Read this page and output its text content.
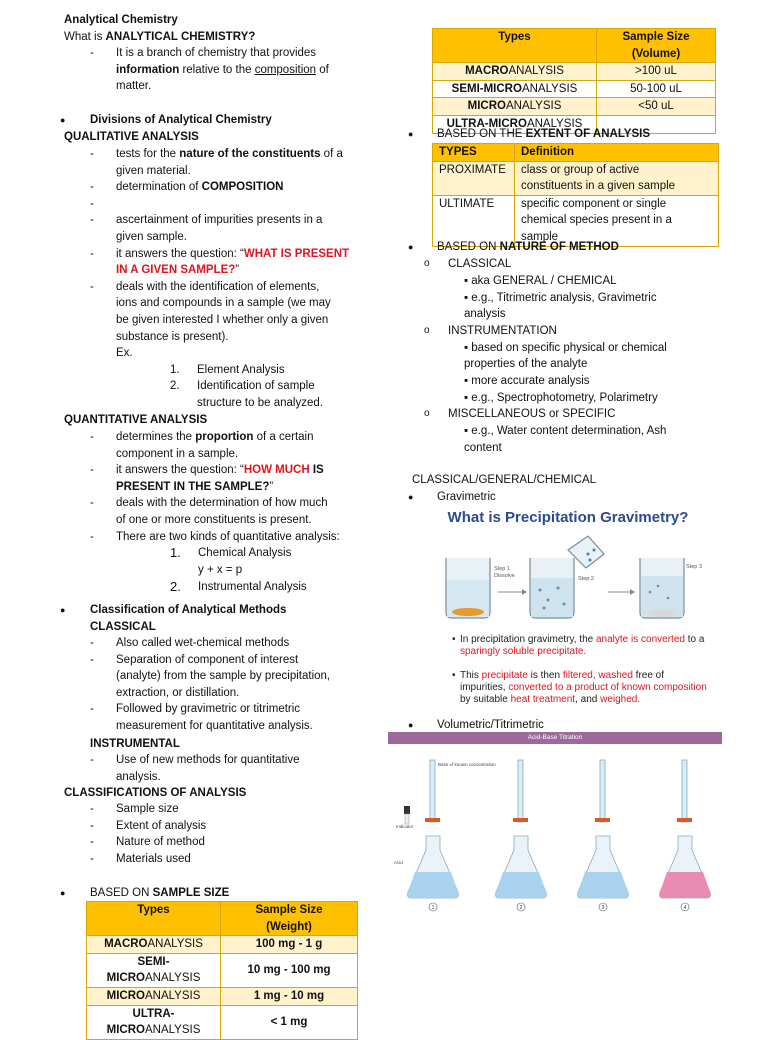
Analytical Chemistry
What is ANALYTICAL CHEMISTRY?
-	It is a branch of chemistry that provides
information relative to the composition of
matter.
● Divisions of Analytical Chemistry
QUALITATIVE ANALYSIS
-	tests for the nature of the constituents of a
given material.
-	determination of COMPOSITION
-

-	ascertainment of impurities presents in a
given sample.
-	it answers the question: “WHAT IS PRESENT
IN A GIVEN SAMPLE?”
-	deals with the identification of elements,
ions and compounds in a sample (we may
be given interested I whether only a given
substance is present).
Ex.
1.	Element Analysis
2.	Identification of sample
structure to be analyzed.
QUANTITATIVE ANALYSIS
-	determines the proportion of a certain
component in a sample.
-	it answers the question: “HOW MUCH IS
PRESENT IN THE SAMPLE?”
-	deals with the determination of how much
of one or more constituents is present.
-	There are two kinds of quantitative analysis:
1. Chemical Analysis
y + x = p
2. Instrumental Analysis
● Classification of Analytical Methods
CLASSICAL
-	Also called wet-chemical methods
-	Separation of component of interest
(analyte) from the sample by precipitation,
extraction, or distillation.
-	Followed by gravimetric or titrimetric
measurement for quantitative analysis.
INSTRUMENTAL
-	Use of new methods for quantitative
analysis.
CLASSIFICATIONS OF ANALYSIS
-	Sample size
-	Extent of analysis
-	Nature of method
-	Materials used
● BASED ON SAMPLE SIZE
Types	Sample Size
(Weight)
MACROANALYSIS	100 mg - 1 g
SEMI-MICROANALYSIS	10 mg - 100 mg
MICROANALYSIS	1 mg - 10 mg
ULTRA-MICROANALYSIS	< 1 mg
Types	Sample Size
(Volume)
MACROANALYSIS	>100 uL
SEMI-MICROANALYSIS	50-100 uL
MICROANALYSIS	<50 uL
ULTRA-MICROANALYSIS	
● BASED ON THE EXTENT OF ANALYSIS
TYPES	Definition
PROXIMATE	class or group of active
constituents in a given sample
ULTIMATE	specific component or single
chemical species present in a
sample
● BASED ON NATURE OF METHOD
o CLASSICAL
▪ aka GENERAL / CHEMICAL
▪ e.g., Titrimetric analysis, Gravimetric
analysis
o INSTRUMENTATION
▪ based on specific physical or chemical
properties of the analyte
▪ more accurate analysis
▪ e.g., Spectrophotometry, Polarimetry
o MISCELLANEOUS or SPECIFIC
▪ e.g., Water content determination, Ash
content
CLASSICAL/GENERAL/CHEMICAL
● Gravimetric
● Volumetric/Titrimetric
What is Precipitation Gravimetry?
Step 1
Dissolve	Step 2
Step 3
• In precipitation gravimetry, the analyte is converted to a
sparingly soluble precipitate.
• This precipitate is then filtered, washed free of
impurities, converted to a product of known composition
by suitable heat treatment, and weighed.
Acid-Base Titration
1	2	3	4
Base of known concentration
Indicator
Acid
